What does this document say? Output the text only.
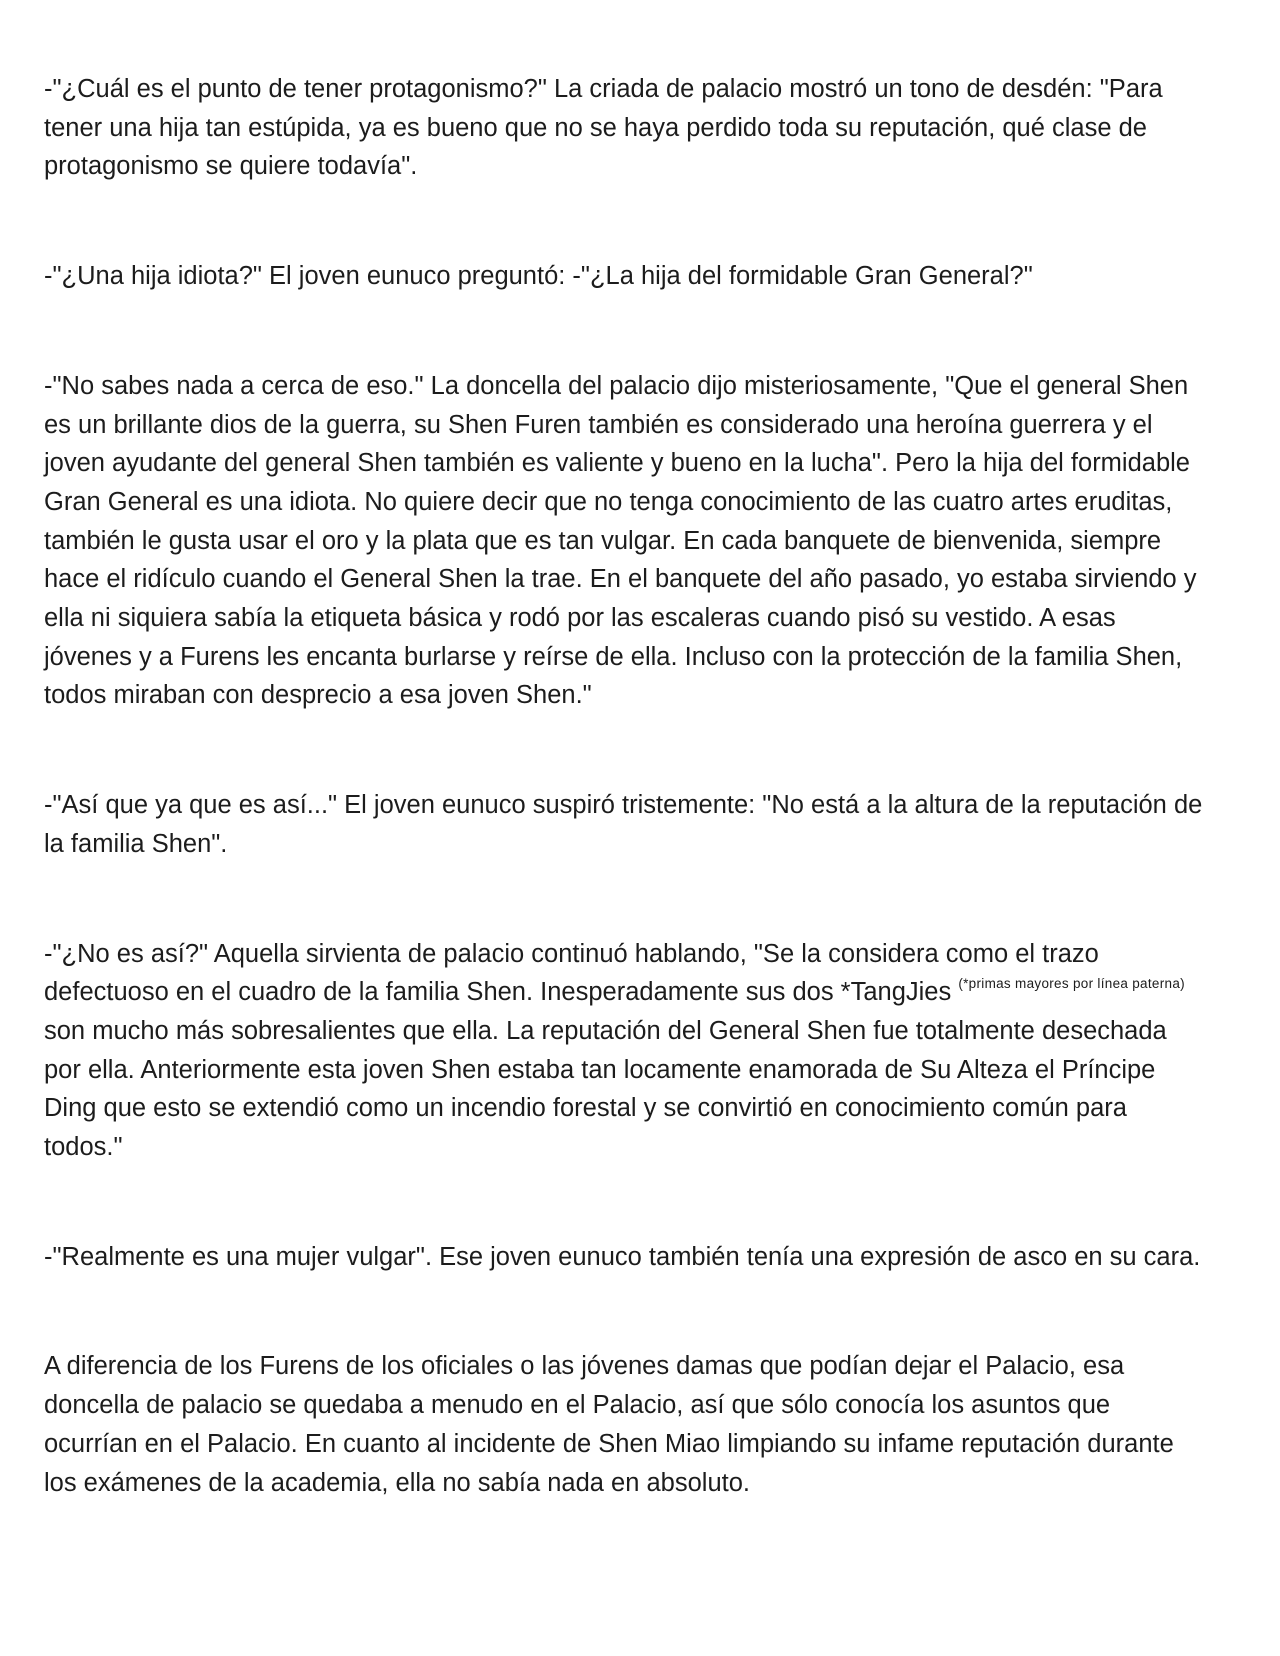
-"¿Cuál es el punto de tener protagonismo?" La criada de palacio mostró un tono de desdén: "Para tener una hija tan estúpida, ya es bueno que no se haya perdido toda su reputación, qué clase de protagonismo se quiere todavía".

-"¿Una hija idiota?" El joven eunuco preguntó: -"¿La hija del formidable Gran General?"

-"No sabes nada a cerca de eso." La doncella del palacio dijo misteriosamente, "Que el general Shen es un brillante dios de la guerra, su Shen Furen también es considerado una heroína guerrera y el joven ayudante del general Shen también es valiente y bueno en la lucha". Pero la hija del formidable Gran General es una idiota. No quiere decir que no tenga conocimiento de las cuatro artes eruditas, también le gusta usar el oro y la plata que es tan vulgar. En cada banquete de bienvenida, siempre hace el ridículo cuando el General Shen la trae. En el banquete del año pasado, yo estaba sirviendo y ella ni siquiera sabía la etiqueta básica y rodó por las escaleras cuando pisó su vestido. A esas jóvenes y a Furens les encanta burlarse y reírse de ella. Incluso con la protección de la familia Shen, todos miraban con desprecio a esa joven Shen."

-"Así que ya que es así..." El joven eunuco suspiró tristemente: "No está a la altura de la reputación de la familia Shen".

-"¿No es así?" Aquella sirvienta de palacio continuó hablando, "Se la considera como el trazo defectuoso en el cuadro de la familia Shen. Inesperadamente sus dos *TangJies $^{(*primas mayores por línea paterna)}$ son mucho más sobresalientes que ella. La reputación del General Shen fue totalmente desechada por ella. Anteriormente esta joven Shen estaba tan locamente enamorada de Su Alteza el Príncipe Ding que esto se extendió como un incendio forestal y se convirtió en conocimiento común para todos."

-"Realmente es una mujer vulgar". Ese joven eunuco también tenía una expresión de asco en su cara.

A diferencia de los Furens de los oficiales o las jóvenes damas que podían dejar el Palacio, esa doncella de palacio se quedaba a menudo en el Palacio, así que sólo conocía los asuntos que ocurrían en el Palacio. En cuanto al incidente de Shen Miao limpiando su infame reputación durante los exámenes de la academia, ella no sabía nada en absoluto.
